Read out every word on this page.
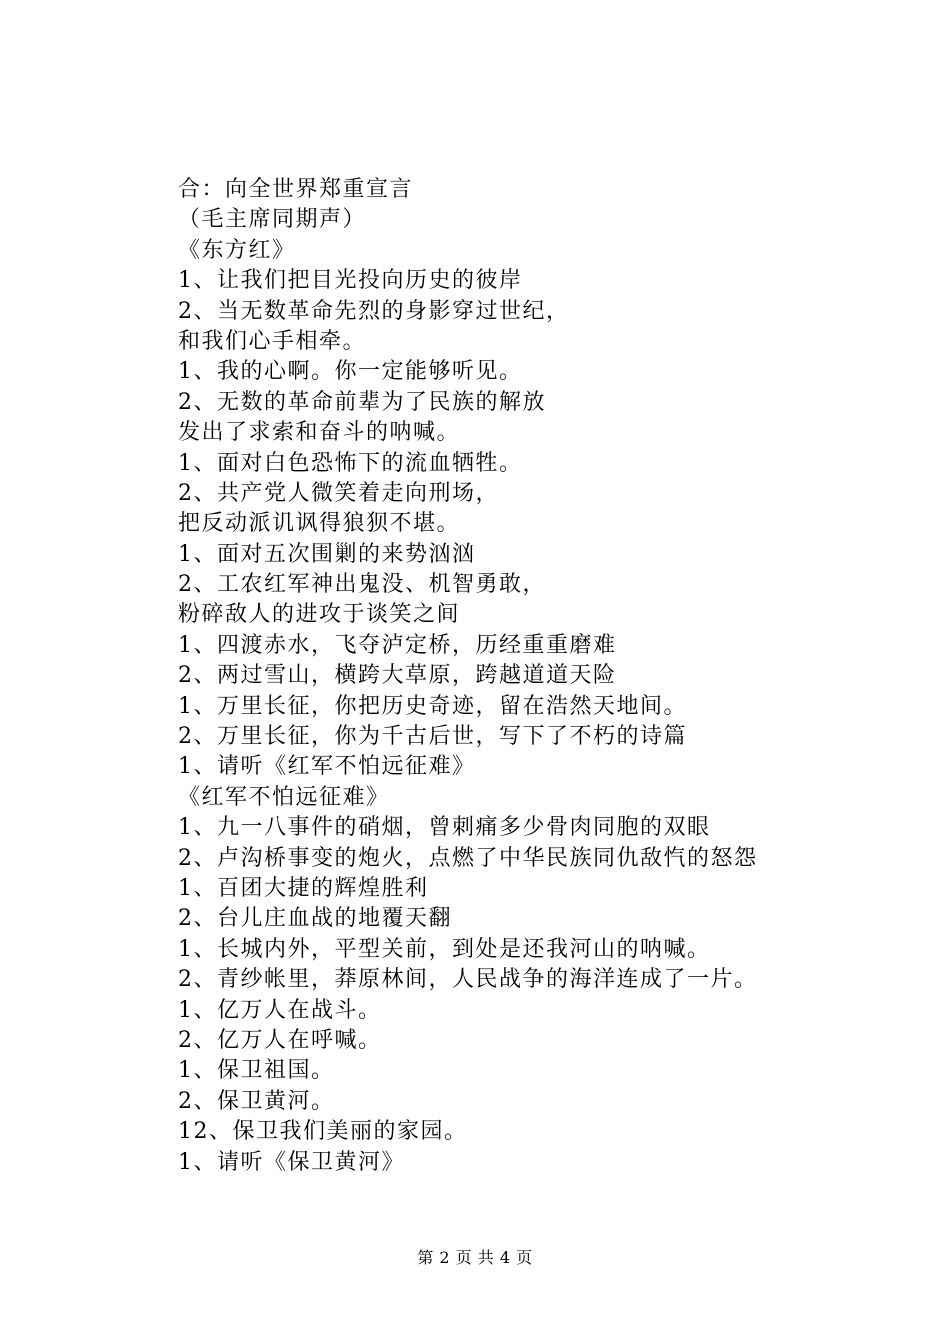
合：向全世界郑重宣言
（毛主席同期声）
《东方红》
1、让我们把目光投向历史的彼岸
2、当无数革命先烈的身影穿过世纪，
和我们心手相牵。
1、我的心啊。你一定能够听见。
2、无数的革命前辈为了民族的解放
发出了求索和奋斗的呐喊。
1、面对白色恐怖下的流血牺牲。
2、共产党人微笑着走向刑场，
把反动派讥讽得狼狈不堪。
1、面对五次围剿的来势汹汹
2、工农红军神出鬼没、机智勇敢，
粉碎敌人的进攻于谈笑之间
1、四渡赤水，飞夺泸定桥，历经重重磨难
2、两过雪山，横跨大草原，跨越道道天险
1、万里长征，你把历史奇迹，留在浩然天地间。
2、万里长征，你为千古后世，写下了不朽的诗篇
1、请听《红军不怕远征难》
《红军不怕远征难》
1、九一八事件的硝烟，曾刺痛多少骨肉同胞的双眼
2、卢沟桥事变的炮火，点燃了中华民族同仇敌忾的怒怨
1、百团大捷的辉煌胜利
2、台儿庄血战的地覆天翻
1、长城内外，平型关前，到处是还我河山的呐喊。
2、青纱帐里，莽原林间，人民战争的海洋连成了一片。
1、亿万人在战斗。
2、亿万人在呼喊。
1、保卫祖国。
2、保卫黄河。
12、保卫我们美丽的家园。
1、请听《保卫黄河》
第 2 页 共 4 页
